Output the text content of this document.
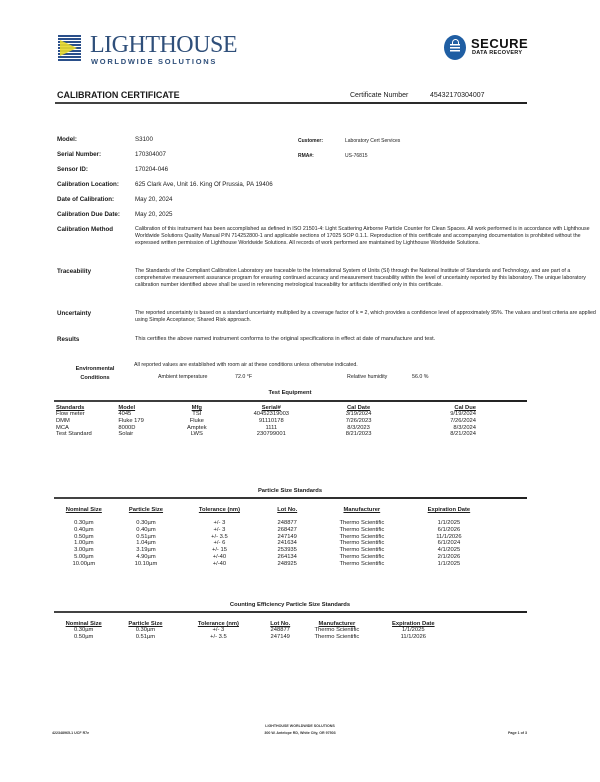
LIGHTHOUSE
WORLDWIDE SOLUTIONS
SECURE
DATA RECOVERY
CALIBRATION CERTIFICATE	Certificate Number	45432170304007
Model:	S3100
Serial Number:	170304007
Sensor ID:	170204-046
Calibration Location:	625 Clark Ave, Unit 16. King Of Prussia, PA 19406
Date of Calibration:	May 20, 2024
Calibration Due Date: May 20, 2025
Customer:	Laboratory Cert Services
RMA#:	US-76815
Calibration Method	Calibration of this instrument has been accomplished as defined in ISO 21501-4: Light Scattering Airborne Particle Counter for Clean Spaces. All work performed is in accordance with Lighthouse Worldwide Solutions Quality Manual P/N 714252800-1 and applicable sections of 17025 SOP 0.1.1. Reproduction of this certificate and accompanying documentation is prohibited without the expressed written permission of Lighthouse Worldwide Solutions. All records of work performed are maintained by Lighthouse Worldwide Solutions.
Traceability	The Standards of the Compliant Calibration Laboratory are traceable to the International System of Units (SI) through the National Institute of Standards and Technology, and are part of a comprehensive measurement assurance program for ensuring continued accuracy and measurement traceability within the level of uncertainty reported by this laboratory. The unique laboratory calibration number identified above shall be used in referencing metrological traceability for artifacts identified only in this certificate.
Uncertainty	The reported uncertainty is based on a standard uncertainty multiplied by a coverage factor of k = 2, which provides a confidence level of approximately 95%. The values and test criteria are applied using Simple Acceptance; Shared Risk approach.
Results	This certifies the above named instrument conforms to the original specifications in effect at date of manufacture and test.
Environmental
Conditions
All reported values are established with room air at these conditions unless otherwise indicated.
Ambient temperature	72.0 °F	Relative humidity	56.0 %
Test Equipment
Standards	Model	Mfg	Serial#	Cal Date	Cal Due
Flow meter	4045	TSI	40452319003	3/19/2024	9/19/2024
DMM	Fluke 179	Fluke	91110178	7/26/2023	7/26/2024
MCA	8000D	Amptek	1111	8/3/2023	8/3/2024
Test Standard	Solair	LWS	230799001	8/21/2023	8/21/2024
Particle Size Standards
Nominal Size	Particle Size	Tolerance (nm)	Lot No.	Manufacturer	Expiration Date
0.30µm	0.30µm	+/- 3	248877	Thermo Scientific	1/1/2025
0.40µm	0.40µm	+/- 3	268427	Thermo Scientific	6/1/2026
0.50µm	0.51µm	+/- 3.5	247149	Thermo Scientific	11/1/2026
1.00µm	1.04µm	+/- 6	241634	Thermo Scientific	6/1/2024
3.00µm	3.19µm	+/- 15	253935	Thermo Scientific	4/1/2025
5.00µm	4.90µm	+/-40	264134	Thermo Scientific	2/1/2026
10.00µm	10.10µm	+/-40	248925	Thermo Scientific	1/1/2025
Counting Efficiency Particle Size Standards
Nominal Size	Particle Size	Tolerance (nm)	Lot No.	Manufacturer	Expiration Date
0.30µm	0.30µm	+/- 3	248877	Thermo Scientific	1/1/2025
0.50µm	0.51µm	+/- 3.5	247149	Thermo Scientific	11/1/2026
422348965-1 UCF R7e
LIGHTHOUSE WORLDWIDE SOLUTIONS
300 W. Antelope RD, White City, OR 97503	Page 1 of 3
